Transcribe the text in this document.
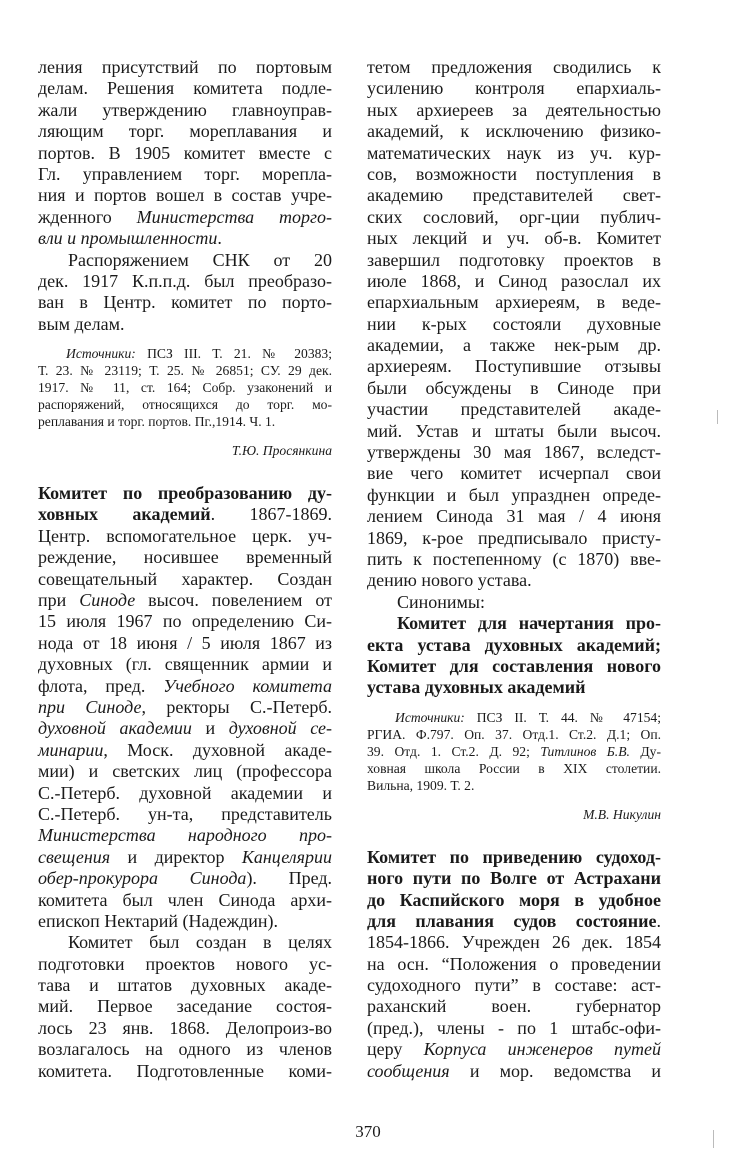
ления присутствий по портовым
делам. Решения комитета подле-
жали утверждению главноуправ-
ляющим торг. мореплавания и
портов. В 1905 комитет вместе с
Гл. управлением торг. морепла-
ния и портов вошел в состав учре-
жденного Министерства торго-
вли и промышленности.
Распоряжением СНК от 20
дек. 1917 К.п.п.д. был преобразо-
ван в Центр. комитет по порто-
вым делам.
Источники: ПСЗ III. Т. 21. № 20383;
Т. 23. № 23119; Т. 25. № 26851; СУ. 29 дек.
1917. № 11, ст. 164; Собр. узаконений и
распоряжений, относящихся до торг. мо-
реплавания и торг. портов. Пг.,1914. Ч. 1.
Т.Ю. Просянкина
Комитет по преобразованию ду-
ховных академий. 1867-1869.
Центр. вспомогательное церк. уч-
реждение, носившее временный
совещательный характер. Создан
при Синоде высоч. повелением от
15 июля 1967 по определению Си-
нода от 18 июня / 5 июля 1867 из
духовных (гл. священник армии и
флота, пред. Учебного комитета
при Синоде, ректоры С.-Петерб.
духовной академии и духовной се-
минарии, Моск. духовной акаде-
мии) и светских лиц (профессора
С.-Петерб. духовной академии и
С.-Петерб. ун-та, представитель
Министерства народного про-
свещения и директор Канцелярии
обер-прокурора Синода). Пред.
комитета был член Синода архи-
епископ Нектарий (Надеждин).
Комитет был создан в целях
подготовки проектов нового ус-
тава и штатов духовных акаде-
мий. Первое заседание состоя-
лось 23 янв. 1868. Делопроиз-во
возлагалось на одного из членов
комитета. Подготовленные коми-
тетом предложения сводились к
усилению контроля епархиаль-
ных архиереев за деятельностью
академий, к исключению физико-
математических наук из уч. кур-
сов, возможности поступления в
академию представителей свет-
ских сословий, орг-ции публич-
ных лекций и уч. об-в. Комитет
завершил подготовку проектов в
июле 1868, и Синод разослал их
епархиальным архиереям, в веде-
нии к-рых состояли духовные
академии, а также нек-рым др.
архиереям. Поступившие отзывы
были обсуждены в Синоде при
участии представителей акаде-
мий. Устав и штаты были высоч.
утверждены 30 мая 1867, вследст-
вие чего комитет исчерпал свои
функции и был упразднен опреде-
лением Синода 31 мая / 4 июня
1869, к-рое предписывало присту-
пить к постепенному (с 1870) вве-
дению нового устава.
Синонимы:
Комитет для начертания про-
екта устава духовных академий;
Комитет для составления нового
устава духовных академий
Источники: ПСЗ II. Т. 44. № 47154;
РГИА. Ф.797. Оп. 37. Отд.1. Ст.2. Д.1; Оп.
39. Отд. 1. Ст.2. Д. 92; Титлинов Б.В. Ду-
ховная школа России в XIX столетии.
Вильна, 1909. Т. 2.
М.В. Никулин
Комитет по приведению судоход-
ного пути по Волге от Астрахани
до Каспийского моря в удобное
для плавания судов состояние.
1854-1866. Учрежден 26 дек. 1854
на осн. “Положения о проведении
судоходного пути” в составе: аст-
раханский воен. губернатор
(пред.), члены - по 1 штабс-офи-
церу Корпуса инженеров путей
сообщения и мор. ведомства и
370
